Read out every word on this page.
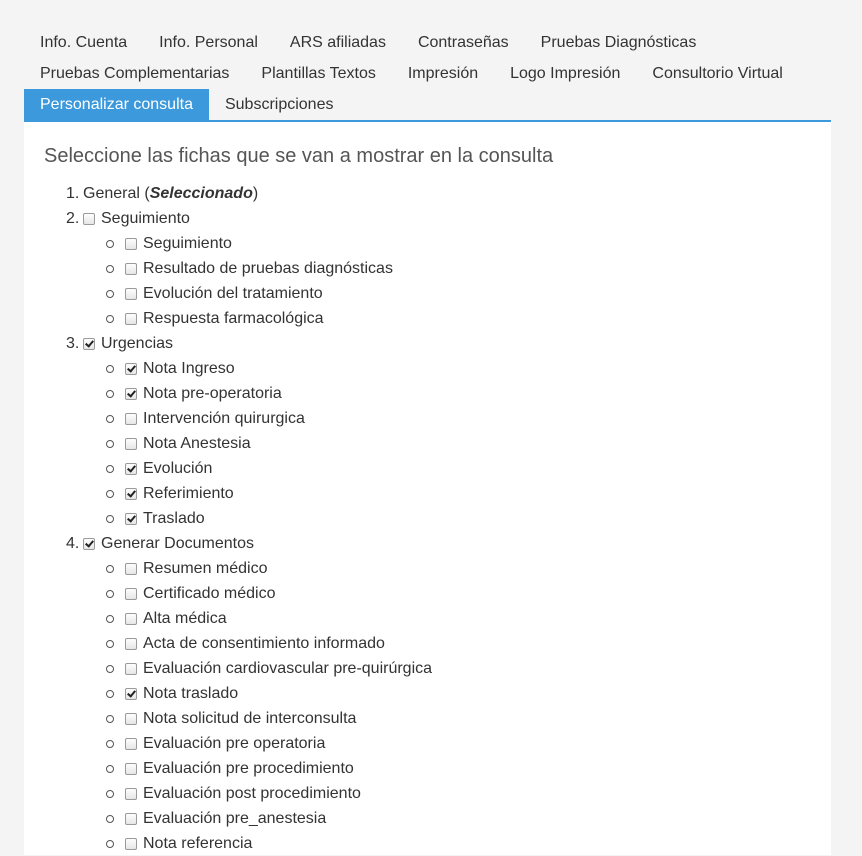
Info. Cuenta	Info. Personal	ARS afiliadas	Contraseñas	Pruebas Diagnósticas
Pruebas Complementarias	Plantillas Textos	Impresión	Logo Impresión	Consultorio Virtual
Personalizar consulta	Subscripciones
Seleccione las fichas que se van a mostrar en la consulta
1. General ( Seleccionado )
2. Seguimiento
Seguimiento
Resultado de pruebas diagnósticas
Evolución del tratamiento
Respuesta farmacológica
3. Urgencias
Nota Ingreso
Nota pre-operatoria
Intervención quirurgica
Nota Anestesia
Evolución
Referimiento
Traslado
4. Generar Documentos
Resumen médico
Certificado médico
Alta médica
Acta de consentimiento informado
Evaluación cardiovascular pre-quirúrgica
Nota traslado
Nota solicitud de interconsulta
Evaluación pre operatoria
Evaluación pre procedimiento
Evaluación post procedimiento
Evaluación pre_anestesia
Nota referencia
